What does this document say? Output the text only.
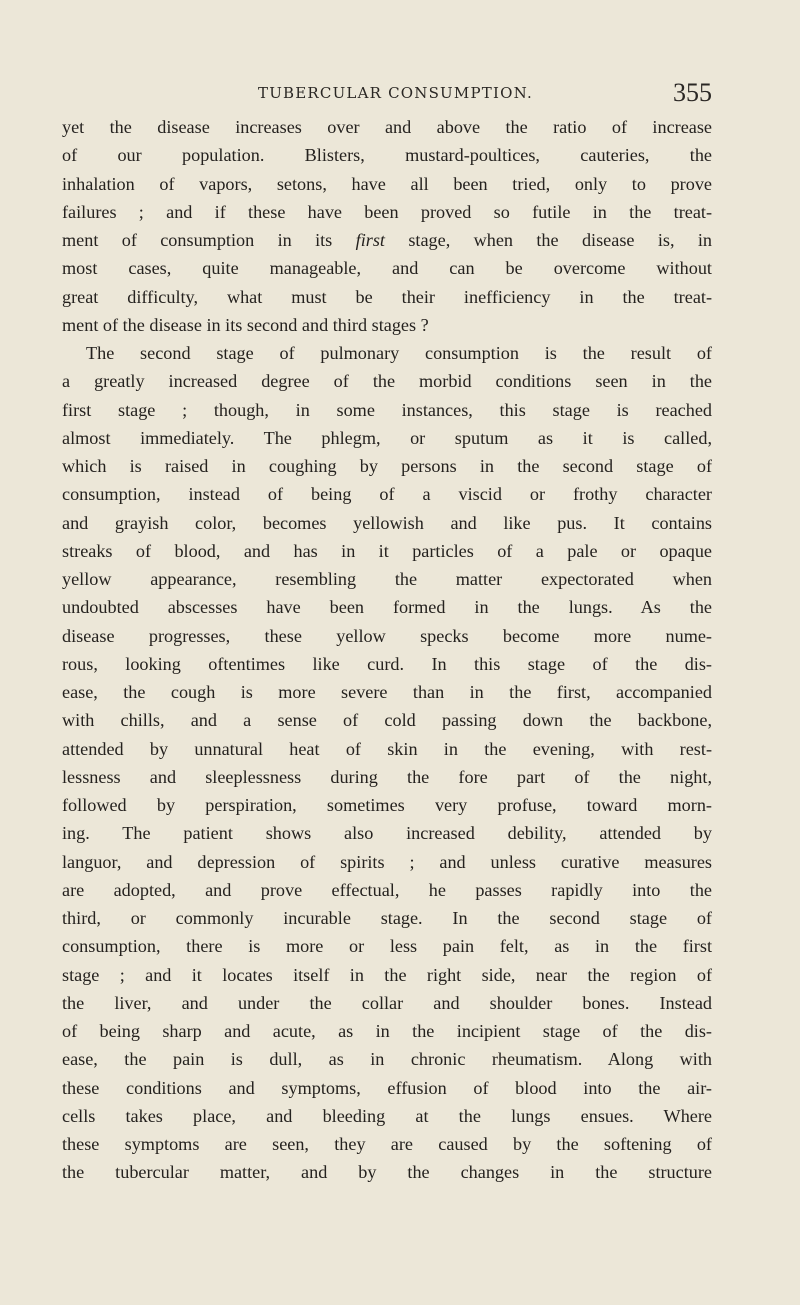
TUBERCULAR CONSUMPTION.	355
yet the disease increases over and above the ratio of increase
of our population. Blisters, mustard-poultices, cauteries, the
inhalation of vapors, setons, have all been tried, only to prove
failures ; and if these have been proved so futile in the treat-
ment of consumption in its first stage, when the disease is, in
most cases, quite manageable, and can be overcome without
great difficulty, what must be their inefficiency in the treat-
ment of the disease in its second and third stages ?
The second stage of pulmonary consumption is the result of
a greatly increased degree of the morbid conditions seen in the
first stage ; though, in some instances, this stage is reached
almost immediately. The phlegm, or sputum as it is called,
which is raised in coughing by persons in the second stage of
consumption, instead of being of a viscid or frothy character
and grayish color, becomes yellowish and like pus. It contains
streaks of blood, and has in it particles of a pale or opaque
yellow appearance, resembling the matter expectorated when
undoubted abscesses have been formed in the lungs. As the
disease progresses, these yellow specks become more nume-
rous, looking oftentimes like curd. In this stage of the dis-
ease, the cough is more severe than in the first, accompanied
with chills, and a sense of cold passing down the backbone,
attended by unnatural heat of skin in the evening, with rest-
lessness and sleeplessness during the fore part of the night,
followed by perspiration, sometimes very profuse, toward morn-
ing. The patient shows also increased debility, attended by
languor, and depression of spirits ; and unless curative measures
are adopted, and prove effectual, he passes rapidly into the
third, or commonly incurable stage. In the second stage of
consumption, there is more or less pain felt, as in the first
stage ; and it locates itself in the right side, near the region of
the liver, and under the collar and shoulder bones. Instead
of being sharp and acute, as in the incipient stage of the dis-
ease, the pain is dull, as in chronic rheumatism. Along with
these conditions and symptoms, effusion of blood into the air-
cells takes place, and bleeding at the lungs ensues. Where
these symptoms are seen, they are caused by the softening of
the tubercular matter, and by the changes in the structure
